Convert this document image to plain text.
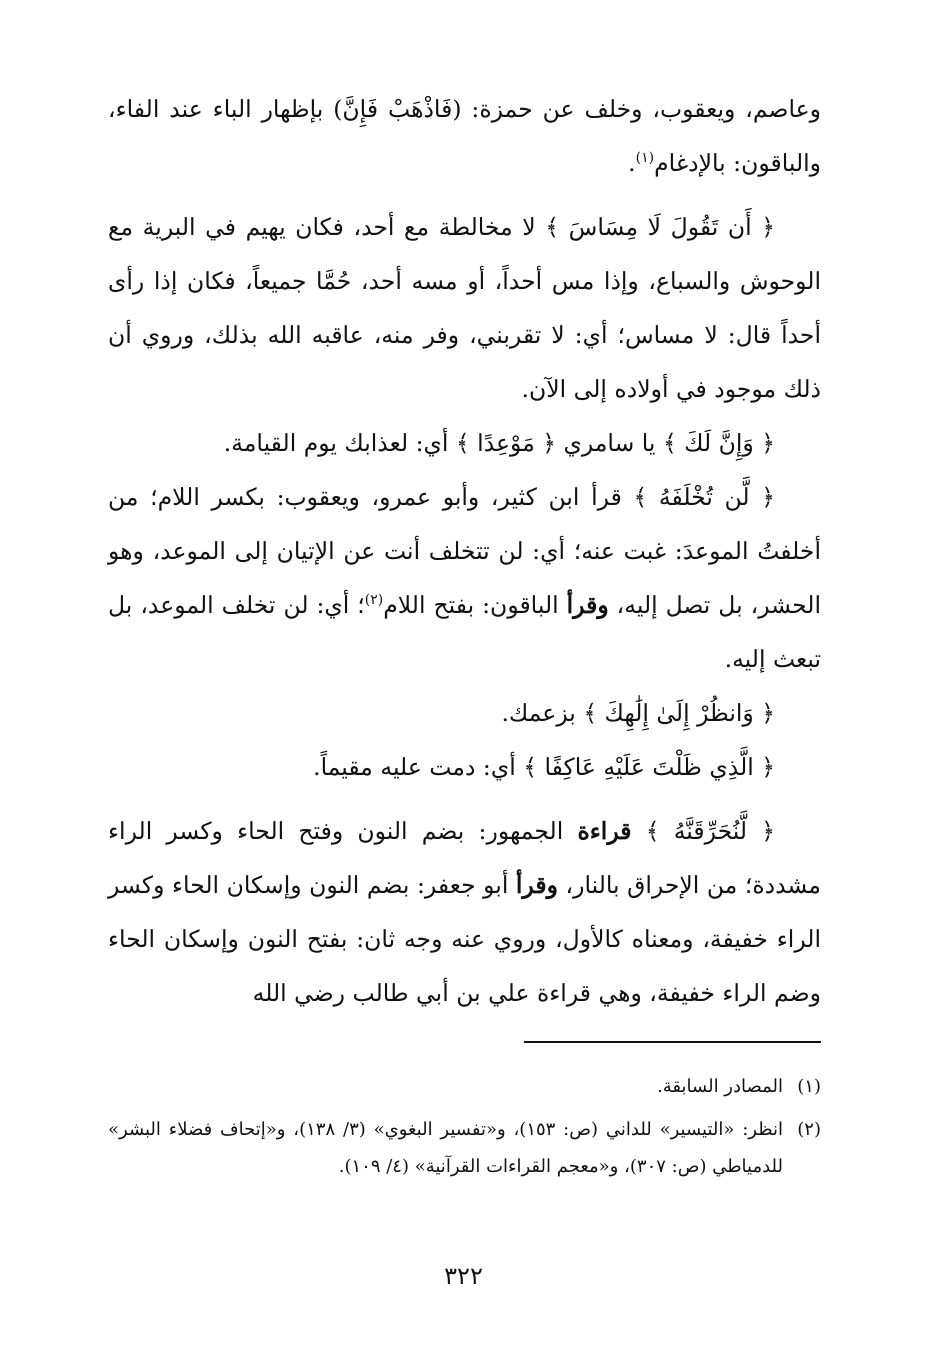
وعاصم، ويعقوب، وخلف عن حمزة: (فَاذْهَبْ فَإِنَّ) بإظهار الباء عند الفاء، والباقون: بالإدغام$^{(١)}$.

﴿ أَن تَقُولَ لَا مِسَاسَ ﴾ لا مخالطة مع أحد، فكان يهيم في البرية مع الوحوش والسباع، وإذا مس أحداً، أو مسه أحد، حُمَّا جميعاً، فكان إذا رأى أحداً قال: لا مساس؛ أي: لا تقربني، وفر منه، عاقبه الله بذلك، وروي أن ذلك موجود في أولاده إلى الآن.

﴿ وَإِنَّ لَكَ ﴾ يا سامري ﴿ مَوْعِدًا ﴾ أي: لعذابك يوم القيامة.

﴿ لَّن تُخْلَفَهُ ﴾ قرأ ابن كثير، وأبو عمرو، ويعقوب: بكسر اللام؛ من أخلفتُ الموعدَ: غبت عنه؛ أي: لن تتخلف أنت عن الإتيان إلى الموعد، وهو الحشر، بل تصل إليه، وقرأ الباقون: بفتح اللام$^{(٢)}$؛ أي: لن تخلف الموعد، بل تبعث إليه.

﴿ وَانظُرْ إِلَىٰ إِلَٰهِكَ ﴾ بزعمك.

﴿ الَّذِي ظَلْتَ عَلَيْهِ عَاكِفًا ﴾ أي: دمت عليه مقيماً.

﴿ لَّنُحَرِّقَنَّهُ ﴾ قراءة الجمهور: بضم النون وفتح الحاء وكسر الراء مشددة؛ من الإحراق بالنار، وقرأ أبو جعفر: بضم النون وإسكان الحاء وكسر الراء خفيفة، ومعناه كالأول، وروي عنه وجه ثان: بفتح النون وإسكان الحاء وضم الراء خفيفة، وهي قراءة علي بن أبي طالب رضي الله

(١)
المصادر السابقة.
(٢)
انظر: «التيسير» للداني (ص: ١٥٣)، و«تفسير البغوي» (٣/ ١٣٨)، و«إتحاف فضلاء البشر» للدمياطي (ص: ٣٠٧)، و«معجم القراءات القرآنية» (٤/ ١٠٩).
٣٢٢
